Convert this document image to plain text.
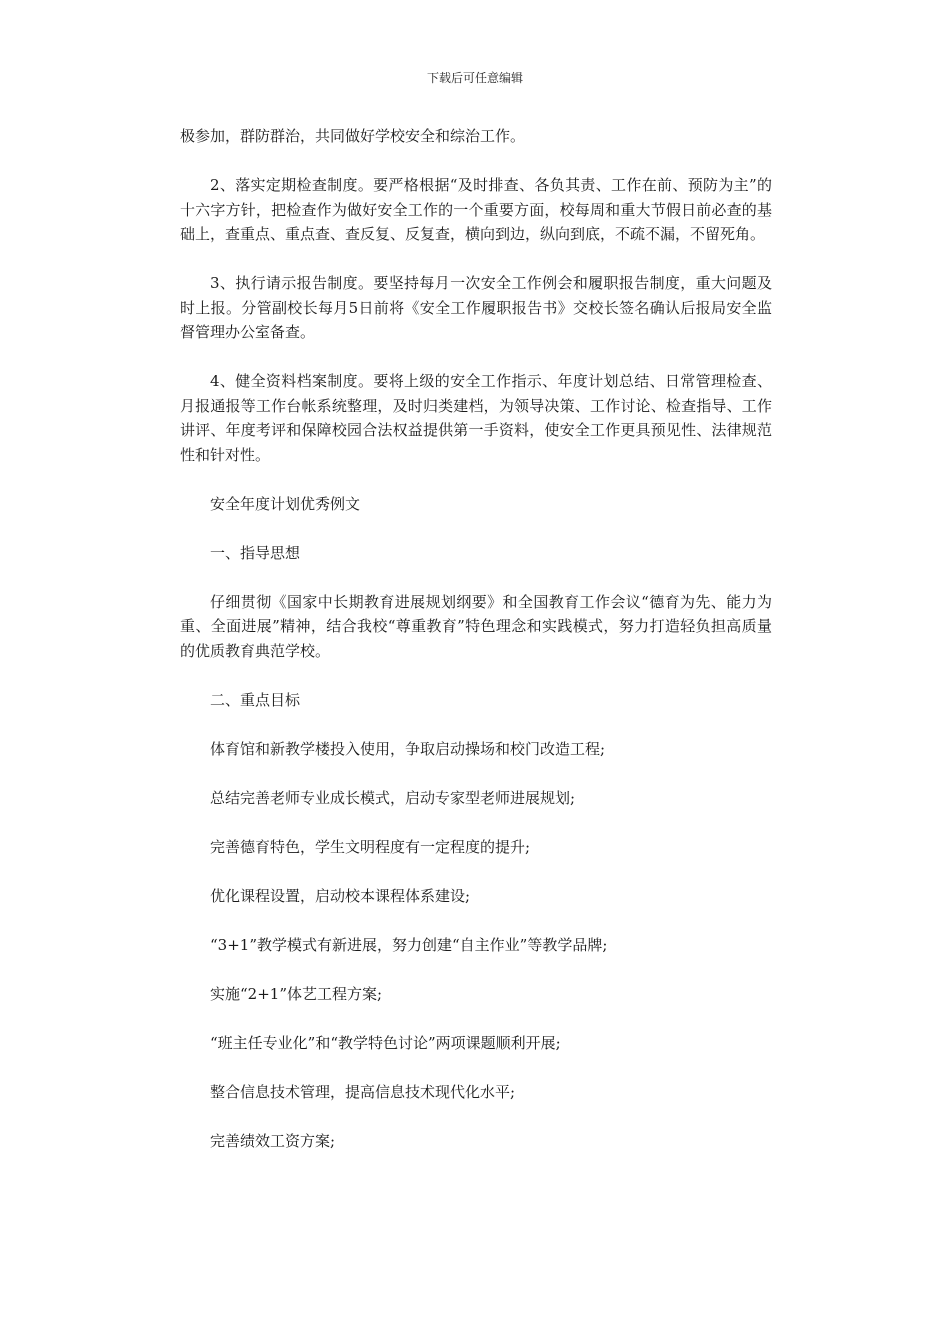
下载后可任意编辑

极参加，群防群治，共同做好学校安全和综治工作。

2、落实定期检查制度。要严格根据“及时排查、各负其责、工作在前、预防为主”的十六字方针，把检查作为做好安全工作的一个重要方面，校每周和重大节假日前必查的基础上，查重点、重点查、查反复、反复查，横向到边，纵向到底，不疏不漏，不留死角。

3、执行请示报告制度。要坚持每月一次安全工作例会和履职报告制度，重大问题及时上报。分管副校长每月5日前将《安全工作履职报告书》交校长签名确认后报局安全监督管理办公室备查。

4、健全资料档案制度。要将上级的安全工作指示、年度计划总结、日常管理检查、月报通报等工作台帐系统整理，及时归类建档，为领导决策、工作讨论、检查指导、工作讲评、年度考评和保障校园合法权益提供第一手资料，使安全工作更具预见性、法律规范性和针对性。

安全年度计划优秀例文

一、指导思想

仔细贯彻《国家中长期教育进展规划纲要》和全国教育工作会议“德育为先、能力为重、全面进展”精神，结合我校“尊重教育”特色理念和实践模式，努力打造轻负担高质量的优质教育典范学校。

二、重点目标

体育馆和新教学楼投入使用，争取启动操场和校门改造工程;

总结完善老师专业成长模式，启动专家型老师进展规划;

完善德育特色，学生文明程度有一定程度的提升;

优化课程设置，启动校本课程体系建设;

“3+1”教学模式有新进展，努力创建“自主作业”等教学品牌;

实施“2+1”体艺工程方案;

“班主任专业化”和“教学特色讨论”两项课题顺利开展;

整合信息技术管理，提高信息技术现代化水平;

完善绩效工资方案;
